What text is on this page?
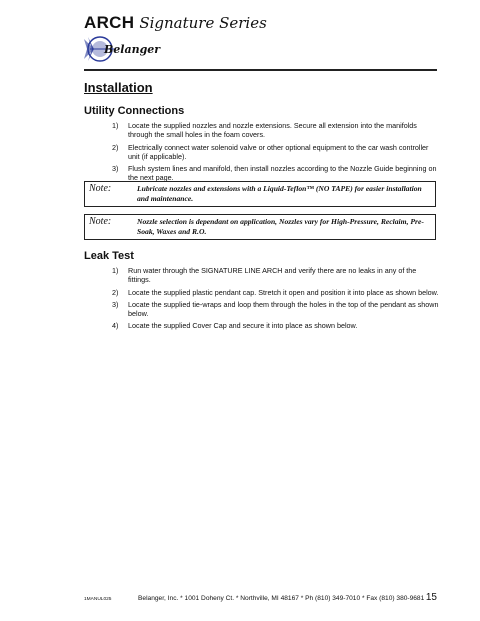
ARCH Signature Series
Belanger
Installation
Utility Connections
1) Locate the supplied nozzles and nozzle extensions. Secure all extension into the manifolds through the small holes in the foam covers.
2) Electrically connect water solenoid valve or other optional equipment to the car wash controller unit (if applicable).
3) Flush system lines and manifold, then install nozzles according to the Nozzle Guide beginning on the next page.
Note:	Lubricate nozzles and extensions with a Liquid-Teflon™ (NO TAPE) for easier installation and maintenance.
Note:	Nozzle selection is dependant on application, Nozzles vary for High-Pressure, Reclaim, Pre-Soak, Waxes and R.O.
Leak Test
1) Run water through the SIGNATURE LINE ARCH and verify there are no leaks in any of the fittings.
2) Locate the supplied plastic pendant cap. Stretch it open and position it into place as shown below.
3) Locate the supplied tie-wraps and loop them through the holes in the top of the pendant as shown below.
4) Locate the supplied Cover Cap and secure it into place as shown below.
1MANUL025	Belanger, Inc. * 1001 Doheny Ct. * Northville, MI 48167 * Ph (810) 349-7010 * Fax (810) 380-9681 15
